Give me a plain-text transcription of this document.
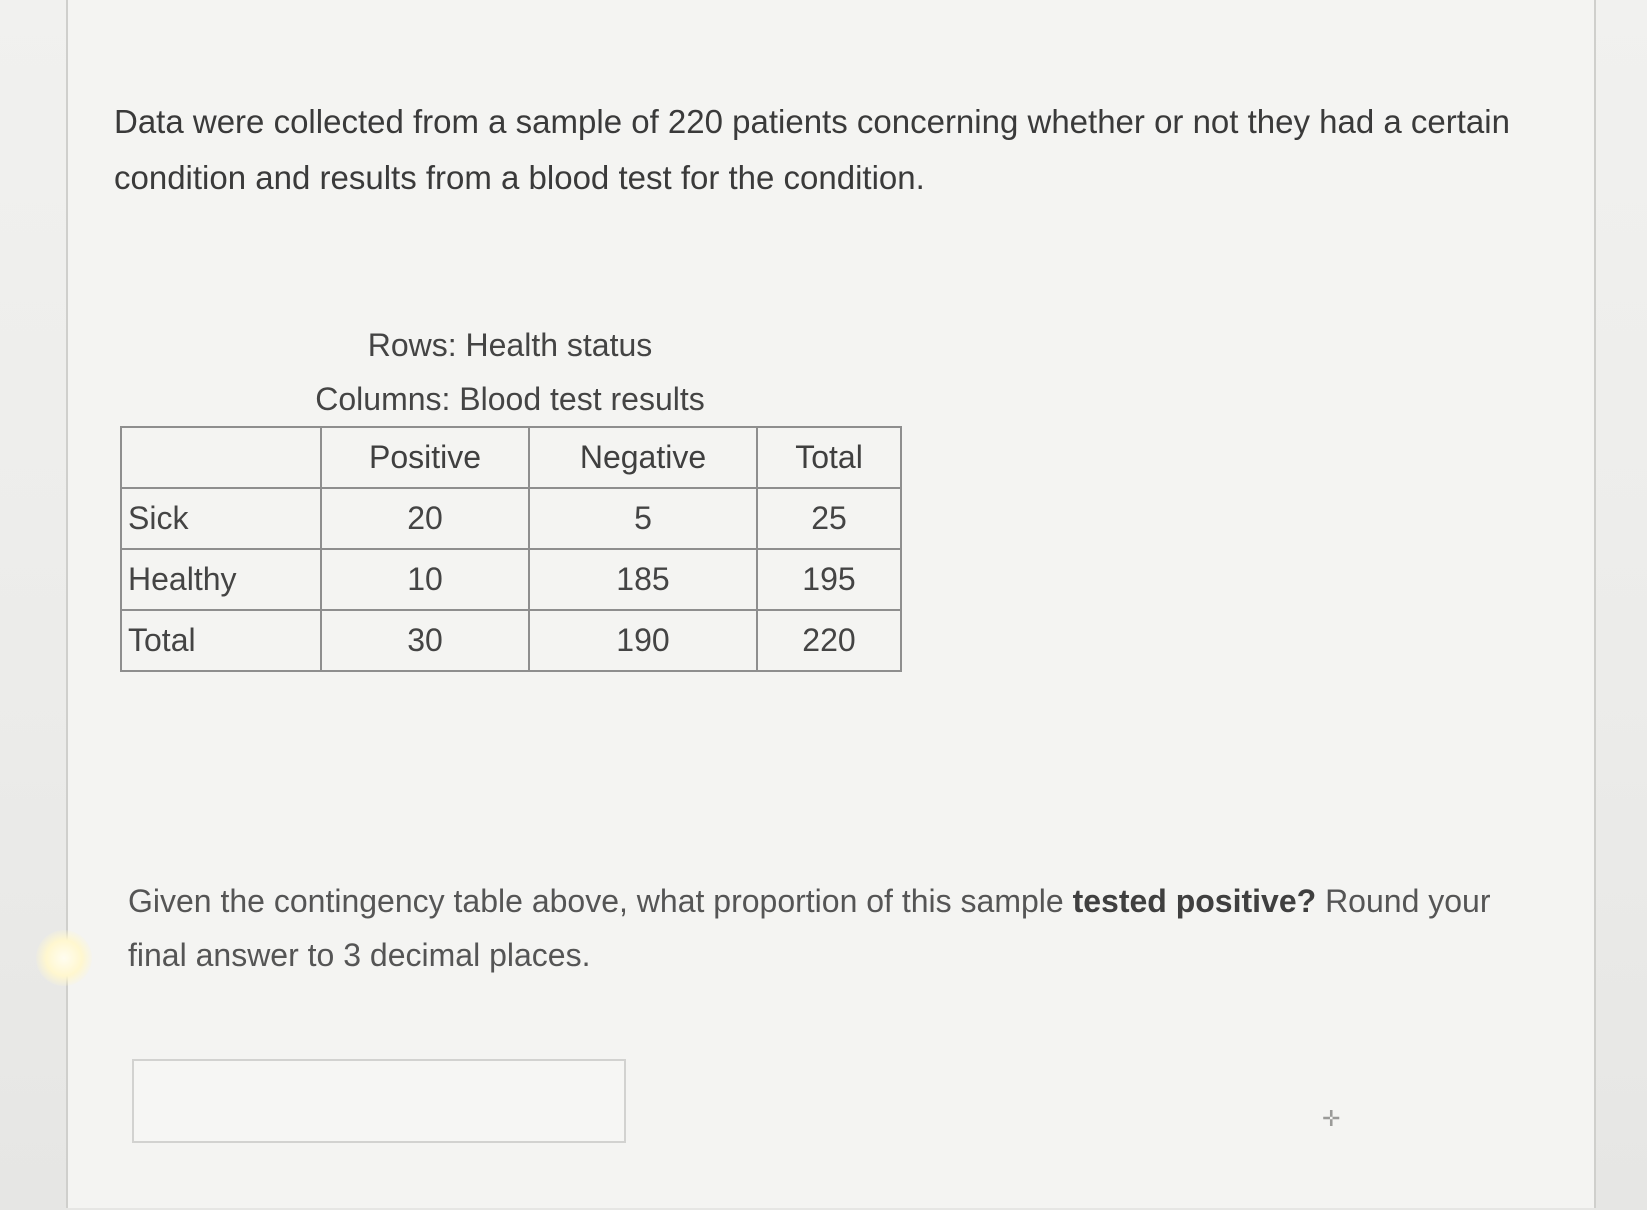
Data were collected from a sample of 220 patients concerning whether or not they had a certain condition and results from a blood test for the condition.

Rows: Health status
Columns: Blood test results
	Positive	Negative	Total
Sick	20	5	25
Healthy	10	185	195
Total	30	190	220

Given the contingency table above, what proportion of this sample tested positive? Round your final answer to 3 decimal places.

✛
